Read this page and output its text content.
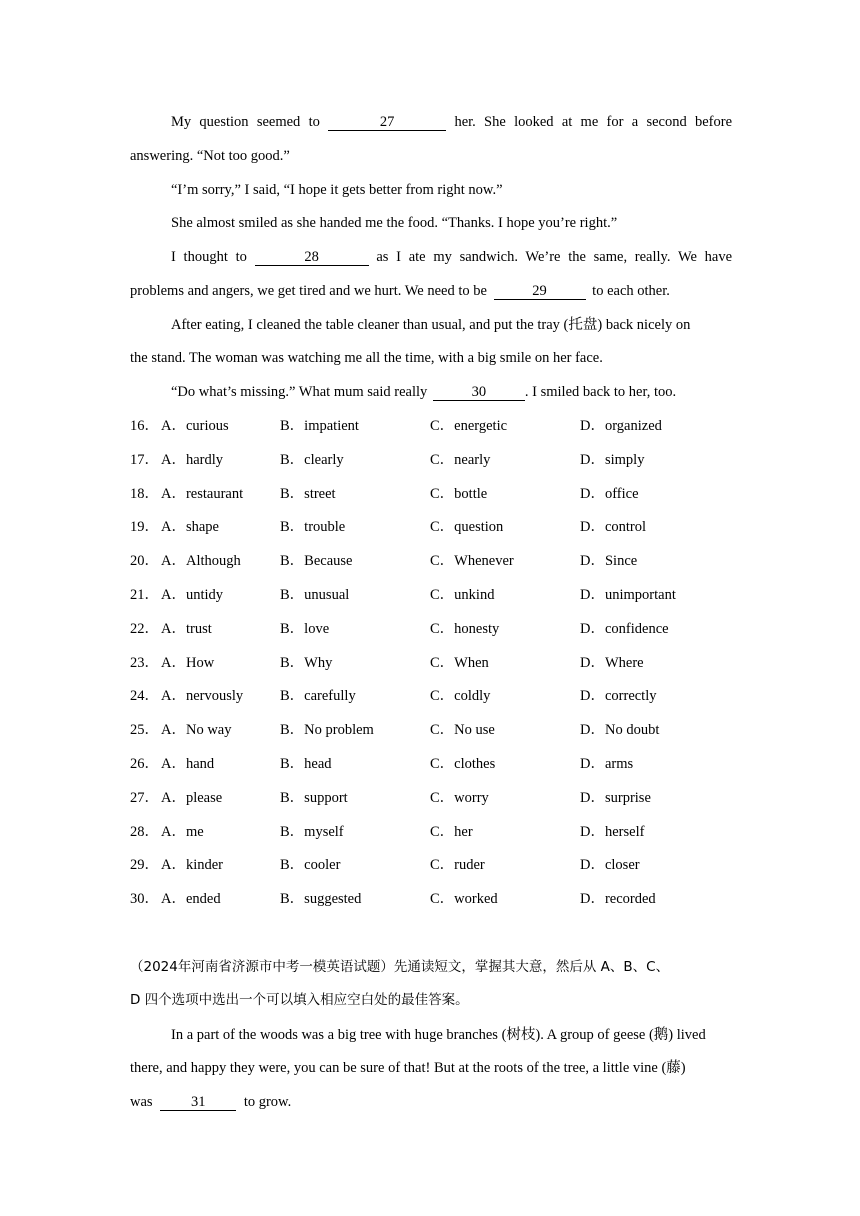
My question seemed to	27	her. She looked at me for a second before
answering. “Not too good.”
“I’m sorry,” I said, “I hope it gets better from right now.”
She almost smiled as she handed me the food. “Thanks. I hope you’re right.”
I thought to	28	as I ate my sandwich. We’re the same, really. We have
problems and angers, we get tired and we hurt. We need to be	29	to each other.
After eating, I cleaned the table cleaner than usual, and put the tray (托盘) back nicely on
the stand. The woman was watching me all the time, with a big smile on her face.
“Do what’s missing.” What mum said really	30	. I smiled back to her, too.
16． A．curious	B．impatient	C．energetic	D．organized
17． A．hardly	B．clearly	C．nearly	D．simply
18． A．restaurant	B．street	C．bottle	D．office
19． A．shape	B．trouble	C．question	D．control
20． A．Although	B．Because	C．Whenever	D．Since
21． A．untidy	B．unusual	C．unkind	D．unimportant
22． A．trust	B．love	C．honesty	D．confidence
23． A．How	B．Why	C．When	D．Where
24． A．nervously	B．carefully	C．coldly	D．correctly
25． A．No way	B．No problem	C．No use	D．No doubt
26． A．hand	B．head	C．clothes	D．arms
27． A．please	B．support	C．worry	D．surprise
28． A．me	B．myself	C．her	D．herself
29． A．kinder	B．cooler	C．ruder	D．closer
30． A．ended	B．suggested	C．worked	D．recorded
（2024年河南省济源市中考一模英语试题）先通读短文，掌握其大意，然后从 A、B、C、
D 四个选项中选出一个可以填入相应空白处的最佳答案。
In a part of the woods was a big tree with huge branches (树枝). A group of geese (鹅) lived
there, and happy they were, you can be sure of that! But at the roots of the tree, a little vine (藤)
was	31	to grow.
